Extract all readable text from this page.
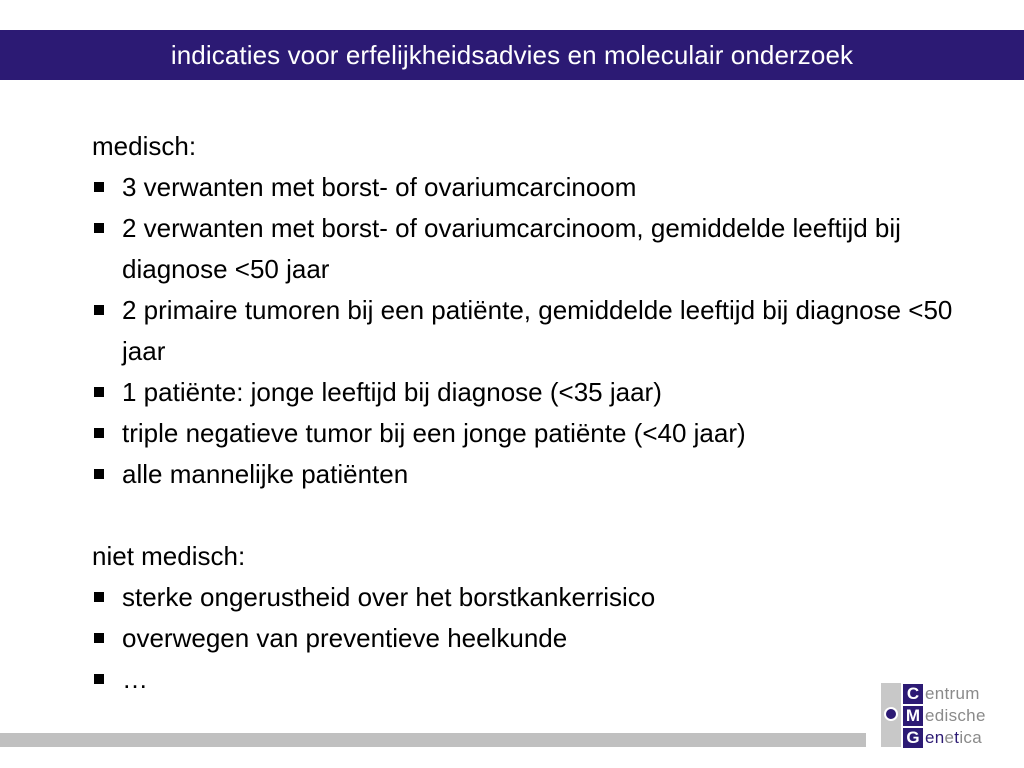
indicaties voor erfelijkheidsadvies en moleculair onderzoek

medisch:

3 verwanten met borst- of ovariumcarcinoom
2 verwanten met borst- of ovariumcarcinoom, gemiddelde leeftijd bij diagnose <50 jaar
2 primaire tumoren bij een patiënte, gemiddelde leeftijd bij diagnose <50 jaar
1 patiënte: jonge leeftijd bij diagnose (<35 jaar)
triple negatieve tumor bij een jonge patiënte (<40 jaar)
alle mannelijke patiënten

niet medisch:

sterke ongerustheid over het borstkankerrisico
overwegen van preventieve heelkunde
…	C entrum
M edische
G enetica
